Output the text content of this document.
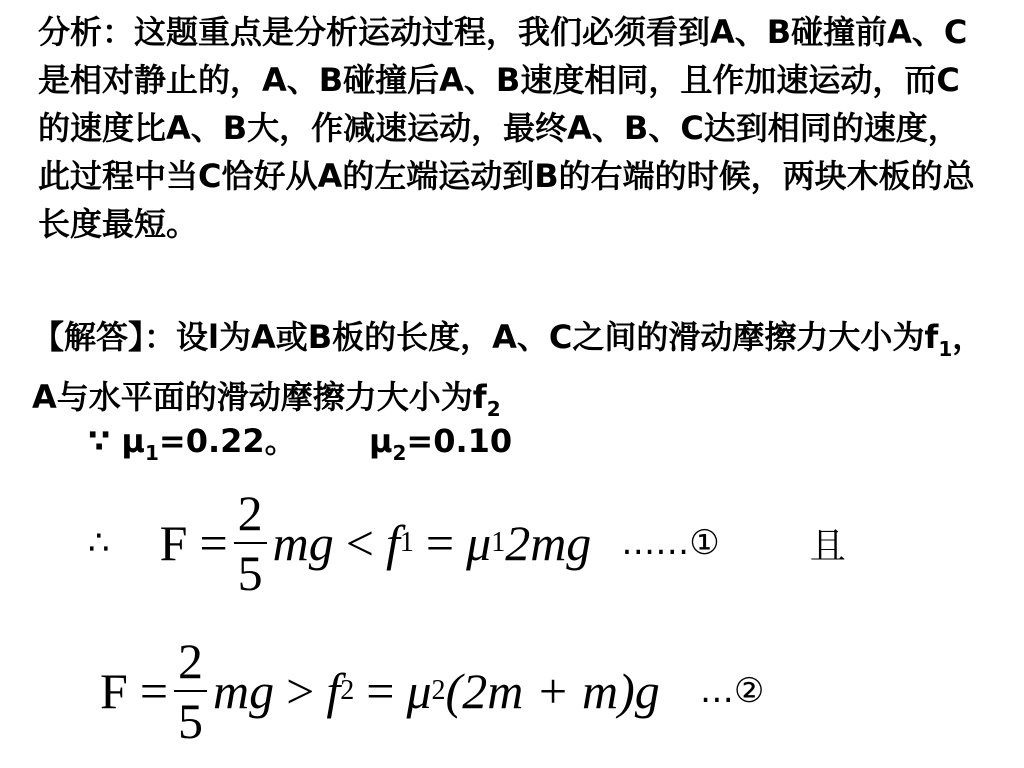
分析：这题重点是分析运动过程，我们必须看到A、B碰撞前A、C是相对静止的，A、B碰撞后A、B速度相同，且作加速运动，而C的速度比A、B大，作减速运动，最终A、B、C达到相同的速度，此过程中当C恰好从A的左端运动到B的右端的时候，两块木板的总长度最短。

【解答】：设l为A或B板的长度，A、C之间的滑动摩擦力大小为$f_1$，A与水平面的滑动摩擦力大小为$f_2$
∵ $\mu_1=0.22$。 $\mu_2=0.10$
∴ $F = \frac{2}{5}$ mg < f 1 = μ 1 2mg ……①	且
$F = \frac{2}{5}$ mg > f 2 = μ 2 (2m + m)g …②
